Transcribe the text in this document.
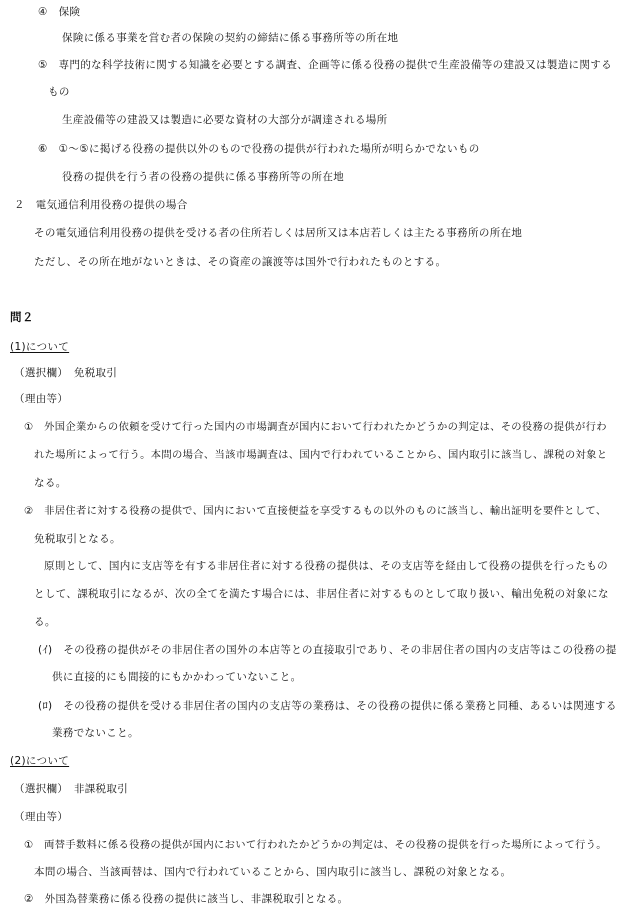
④　保険
保険に係る事業を営む者の保険の契約の締結に係る事務所等の所在地
⑤　専門的な科学技術に関する知識を必要とする調査、企画等に係る役務の提供で生産設備等の建設又は製造に関する
もの
生産設備等の建設又は製造に必要な資材の大部分が調達される場所
⑥　①～⑤に掲げる役務の提供以外のもので役務の提供が行われた場所が明らかでないもの
役務の提供を行う者の役務の提供に係る事務所等の所在地
２　電気通信利用役務の提供の場合
その電気通信利用役務の提供を受ける者の住所若しくは居所又は本店若しくは主たる事務所の所在地
ただし、その所在地がないときは、その資産の譲渡等は国外で行われたものとする。
問２
(1)について
（選択欄）　免税取引
（理由等）
①　外国企業からの依頼を受けて行った国内の市場調査が国内において行われたかどうかの判定は、その役務の提供が行わ
れた場所によって行う。本問の場合、当該市場調査は、国内で行われていることから、国内取引に該当し、課税の対象と
なる。
②　非居住者に対する役務の提供で、国内において直接便益を享受するもの以外のものに該当し、輸出証明を要件として、
免税取引となる。
原則として、国内に支店等を有する非居住者に対する役務の提供は、その支店等を経由して役務の提供を行ったもの
として、課税取引になるが、次の全てを満たす場合には、非居住者に対するものとして取り扱い、輸出免税の対象にな
る。
(ｲ)　その役務の提供がその非居住者の国外の本店等との直接取引であり、その非居住者の国内の支店等はこの役務の提
供に直接的にも間接的にもかかわっていないこと。
(ﾛ)　その役務の提供を受ける非居住者の国内の支店等の業務は、その役務の提供に係る業務と同種、あるいは関連する
業務でないこと。
(2)について
（選択欄）　非課税取引
（理由等）
①　両替手数料に係る役務の提供が国内において行われたかどうかの判定は、その役務の提供を行った場所によって行う。
本問の場合、当該両替は、国内で行われていることから、国内取引に該当し、課税の対象となる。
②　外国為替業務に係る役務の提供に該当し、非課税取引となる。
